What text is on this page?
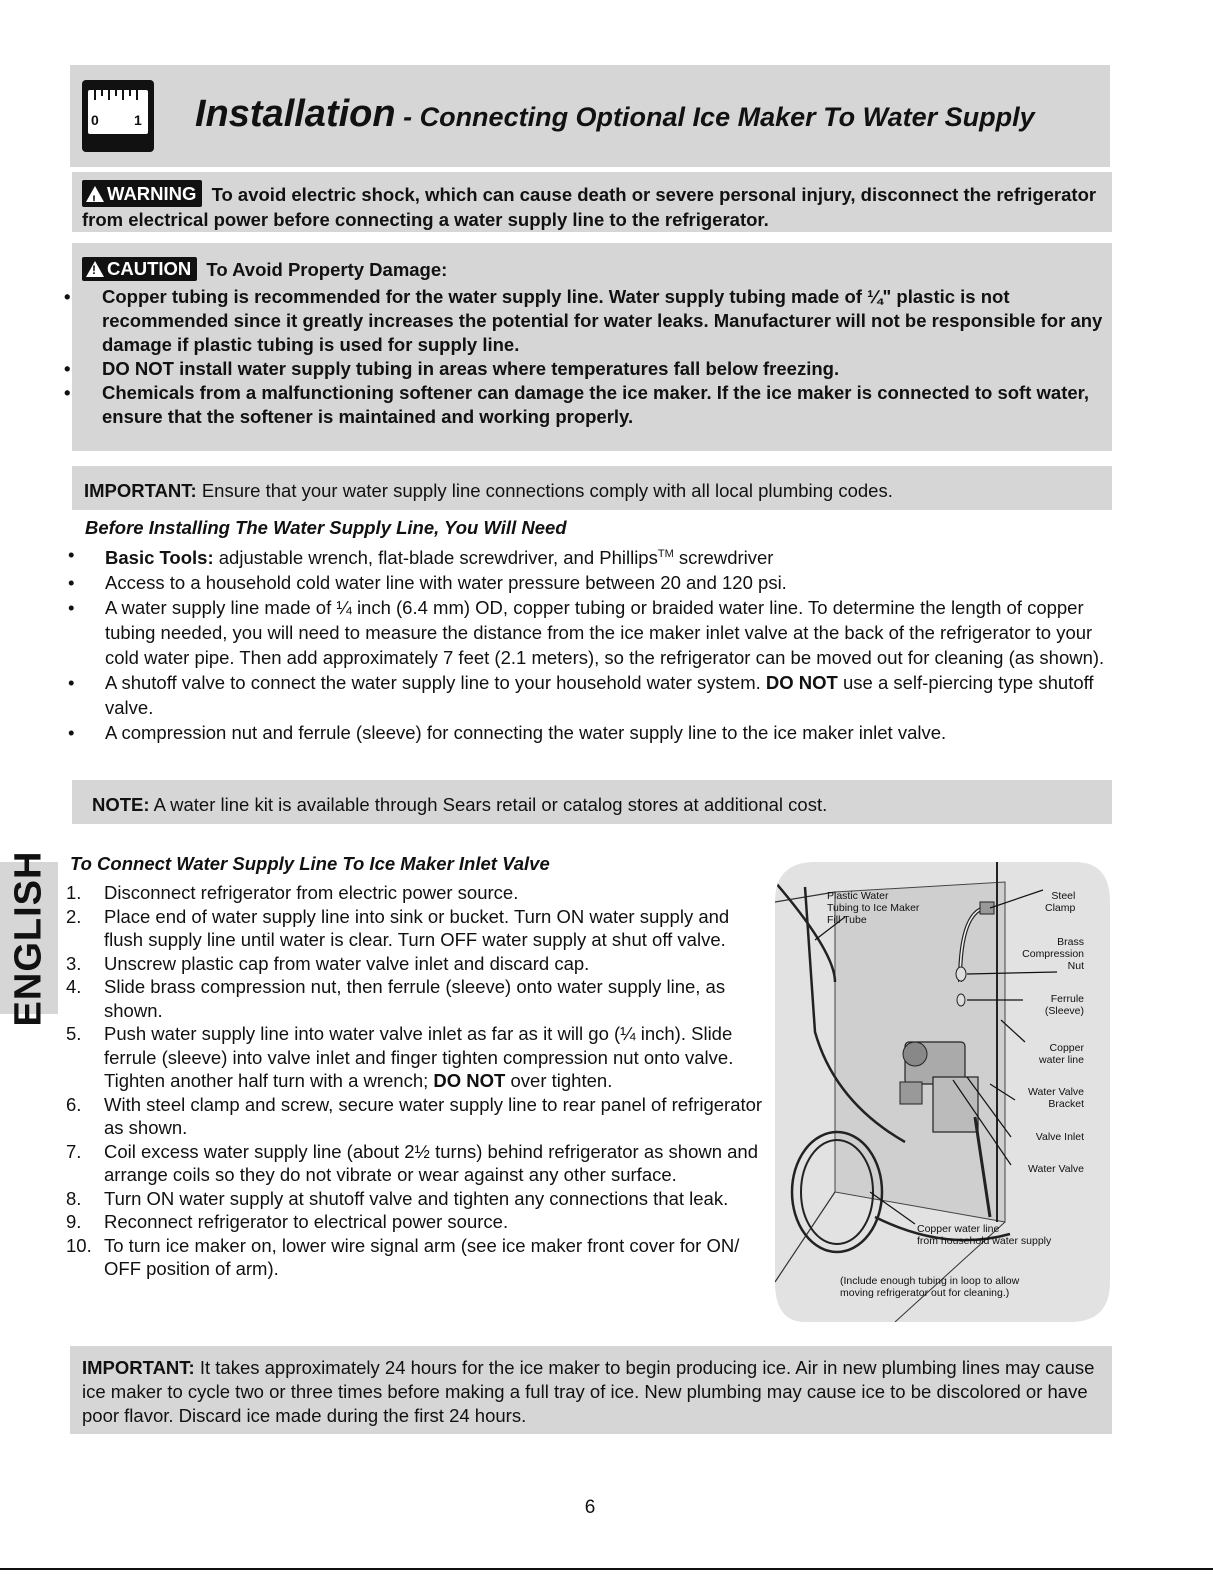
0	1 Installation - Connecting Optional Ice Maker To Water Supply

!WARNING To avoid electric shock, which can cause death or severe personal injury, disconnect the refrigerator from electrical power before connecting a water supply line to the refrigerator.

!CAUTION To Avoid Property Damage:
• Copper tubing is recommended for the water supply line. Water supply tubing made of ¼" plastic is not recommended since it greatly increases the potential for water leaks. Manufacturer will not be responsible for any damage if plastic tubing is used for supply line.
• DO NOT install water supply tubing in areas where temperatures fall below freezing.
• Chemicals from a malfunctioning softener can damage the ice maker. If the ice maker is connected to soft water, ensure that the softener is maintained and working properly.

IMPORTANT: Ensure that your water supply line connections comply with all local plumbing codes.

Before Installing The Water Supply Line, You Will Need
• Basic Tools: adjustable wrench, flat-blade screwdriver, and Phillips™ screwdriver
• Access to a household cold water line with water pressure between 20 and 120 psi.
• A water supply line made of ¼ inch (6.4 mm) OD, copper tubing or braided water line. To determine the length of copper tubing needed, you will need to measure the distance from the ice maker inlet valve at the back of the refrigerator to your cold water pipe. Then add approximately 7 feet (2.1 meters), so the refrigerator can be moved out for cleaning (as shown).
• A shutoff valve to connect the water supply line to your household water system. DO NOT use a self-piercing type shutoff valve.
• A compression nut and ferrule (sleeve) for connecting the water supply line to the ice maker inlet valve.

NOTE: A water line kit is available through Sears retail or catalog stores at additional cost.

ENGLISH To Connect Water Supply Line To Ice Maker Inlet Valve
1.	Disconnect refrigerator from electric power source.
2.	Place end of water supply line into sink or bucket. Turn ON water supply and flush supply line until water is clear. Turn OFF water supply at shut off valve.
3.	Unscrew plastic cap from water valve inlet and discard cap.
4.	Slide brass compression nut, then ferrule (sleeve) onto water supply line, as shown.
5.	Push water supply line into water valve inlet as far as it will go (¼ inch). Slide ferrule (sleeve) into valve inlet and finger tighten compression nut onto valve. Tighten another half turn with a wrench; DO NOT over tighten.
6.	With steel clamp and screw, secure water supply line to rear panel of refrigerator as shown.
7.	Coil excess water supply line (about 2½ turns) behind refrigerator as shown and arrange coils so they do not vibrate or wear against any other surface.
8.	Turn ON water supply at shutoff valve and tighten any connections that leak.
9.	Reconnect refrigerator to electrical power source.
10. To turn ice maker on, lower wire signal arm (see ice maker front cover for ON/ OFF position of arm).
Plastic Water
Tubing to Ice Maker
Fill Tube
Steel
Clamp
Brass
Compression
Nut
Ferrule
(Sleeve)
Copper
water line
Water Valve
Bracket
Valve Inlet
Water Valve
Copper water line
from household water supply
(Include enough tubing in loop to allow
moving refrigerator out for cleaning.)

IMPORTANT: It takes approximately 24 hours for the ice maker to begin producing ice. Air in new plumbing lines may cause ice maker to cycle two or three times before making a full tray of ice. New plumbing may cause ice to be discolored or have poor flavor. Discard ice made during the first 24 hours.

6
